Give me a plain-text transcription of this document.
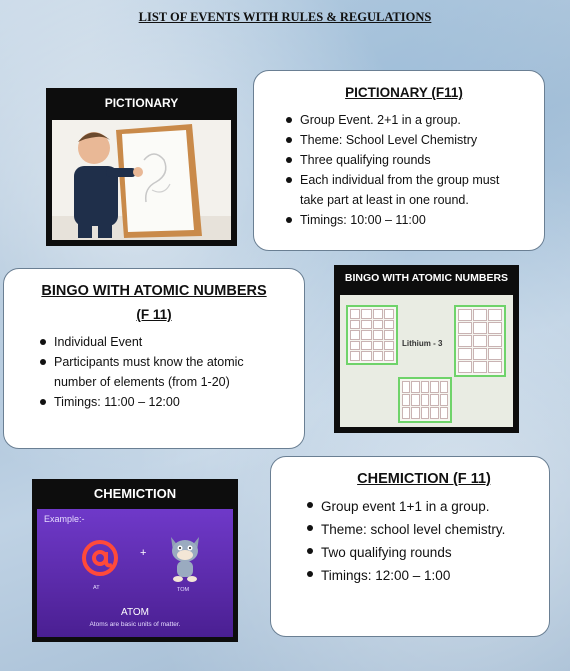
LIST OF EVENTS WITH RULES & REGULATIONS
PICTIONARY
PICTIONARY (F11)
Group Event. 2+1 in a group.
Theme: School Level Chemistry
Three qualifying rounds
Each individual from the group must take part at least in one round.
Timings: 10:00 – 11:00
BINGO WITH ATOMIC NUMBERS
(F 11)
Individual Event
Participants must know the atomic number of elements (from 1-20)
Timings: 11:00 – 12:00
BINGO WITH ATOMIC NUMBERS
Lithium - 3
CHEMICTION
Example:-
+
AT	TOM
ATOM
Atoms are basic units of matter.
CHEMICTION (F 11)
Group event 1+1 in a group.
Theme: school level chemistry.
Two qualifying rounds
Timings: 12:00 – 1:00
